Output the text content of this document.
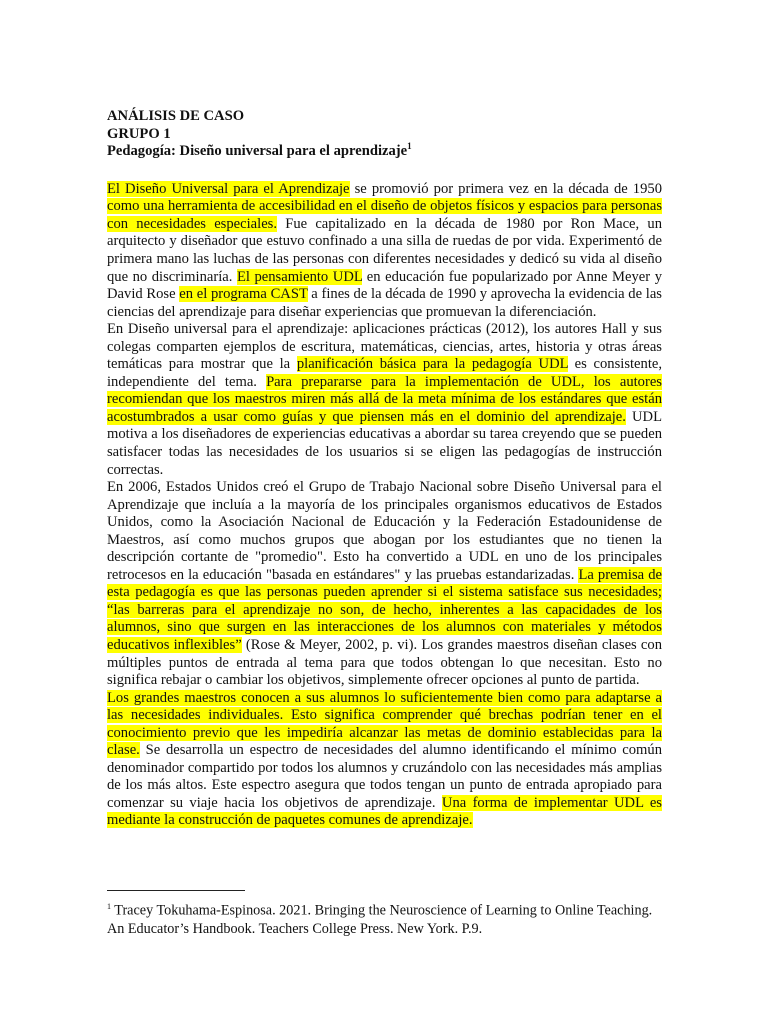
ANÁLISIS DE CASO
GRUPO 1
Pedagogía: Diseño universal para el aprendizaje$^1$

El Diseño Universal para el Aprendizaje se promovió por primera vez en la década de 1950 como una herramienta de accesibilidad en el diseño de objetos físicos y espacios para personas con necesidades especiales. Fue capitalizado en la década de 1980 por Ron Mace, un arquitecto y diseñador que estuvo confinado a una silla de ruedas de por vida. Experimentó de primera mano las luchas de las personas con diferentes necesidades y dedicó su vida al diseño que no discriminaría. El pensamiento UDL en educación fue popularizado por Anne Meyer y David Rose en el programa CAST a fines de la década de 1990 y aprovecha la evidencia de las ciencias del aprendizaje para diseñar experiencias que promuevan la diferenciación.

En Diseño universal para el aprendizaje: aplicaciones prácticas (2012), los autores Hall y sus colegas comparten ejemplos de escritura, matemáticas, ciencias, artes, historia y otras áreas temáticas para mostrar que la planificación básica para la pedagogía UDL es consistente, independiente del tema. Para prepararse para la implementación de UDL, los autores recomiendan que los maestros miren más allá de la meta mínima de los estándares que están acostumbrados a usar como guías y que piensen más en el dominio del aprendizaje. UDL motiva a los diseñadores de experiencias educativas a abordar su tarea creyendo que se pueden satisfacer todas las necesidades de los usuarios si se eligen las pedagogías de instrucción correctas.

En 2006, Estados Unidos creó el Grupo de Trabajo Nacional sobre Diseño Universal para el Aprendizaje que incluía a la mayoría de los principales organismos educativos de Estados Unidos, como la Asociación Nacional de Educación y la Federación Estadounidense de Maestros, así como muchos grupos que abogan por los estudiantes que no tienen la descripción cortante de "promedio". Esto ha convertido a UDL en uno de los principales retrocesos en la educación "basada en estándares" y las pruebas estandarizadas. La premisa de esta pedagogía es que las personas pueden aprender si el sistema satisface sus necesidades; “las barreras para el aprendizaje no son, de hecho, inherentes a las capacidades de los alumnos, sino que surgen en las interacciones de los alumnos con materiales y métodos educativos inflexibles” (Rose & Meyer, 2002, p. vi). Los grandes maestros diseñan clases con múltiples puntos de entrada al tema para que todos obtengan lo que necesitan. Esto no significa rebajar o cambiar los objetivos, simplemente ofrecer opciones al punto de partida.

Los grandes maestros conocen a sus alumnos lo suficientemente bien como para adaptarse a las necesidades individuales. Esto significa comprender qué brechas podrían tener en el conocimiento previo que les impediría alcanzar las metas de dominio establecidas para la clase. Se desarrolla un espectro de necesidades del alumno identificando el mínimo común denominador compartido por todos los alumnos y cruzándolo con las necesidades más amplias de los más altos. Este espectro asegura que todos tengan un punto de entrada apropiado para comenzar su viaje hacia los objetivos de aprendizaje. Una forma de implementar UDL es mediante la construcción de paquetes comunes de aprendizaje.

$^1$ Tracey Tokuhama-Espinosa. 2021. Bringing the Neuroscience of Learning to Online Teaching. An Educator’s Handbook. Teachers College Press. New York. P.9.
